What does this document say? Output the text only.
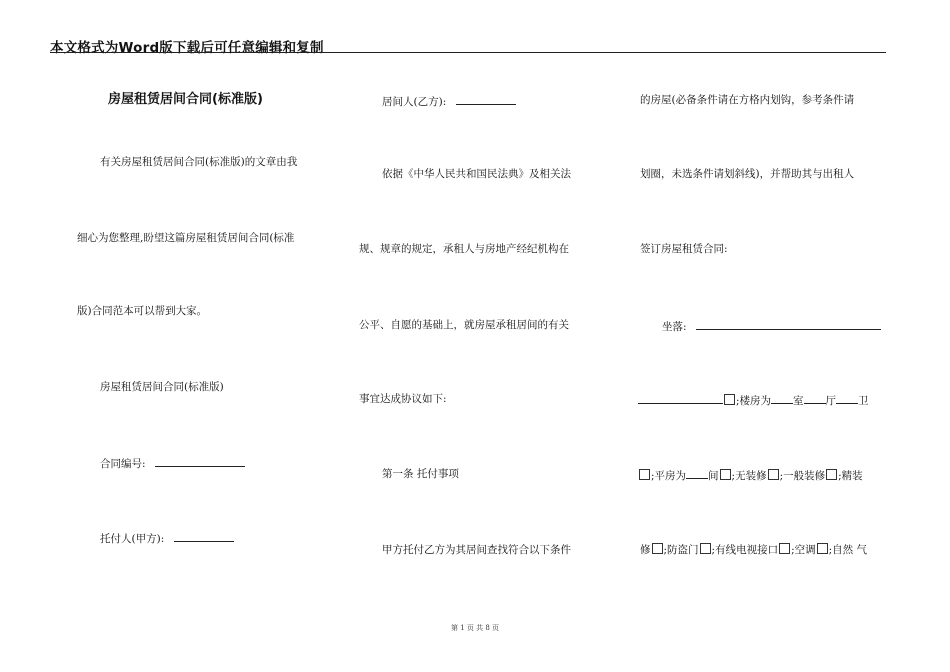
本文格式为Word版下载后可任意编辑和复制
房屋租赁居间合同(标准版)
有关房屋租赁居间合同(标准版)的文章由我
细心为您整理,盼望这篇房屋租赁居间合同(标准
版)合同范本可以帮到大家。
房屋租赁居间合同(标准版)
合同编号:
托付人(甲方):
居间人(乙方):
依据《中华人民共和国民法典》及相关法
规、规章的规定，承租人与房地产经纪机构在
公平、自愿的基础上，就房屋承租居间的有关
事宜达成协议如下:
第一条 托付事项
甲方托付乙方为其居间查找符合以下条件
的房屋(必备条件请在方格内划钩，参考条件请
划圈，未选条件请划斜线)，并帮助其与出租人
签订房屋租赁合同:
坐落:
;楼房为 室 厅 卫
;平房为 间 ;无装修 ;一般装修 ;精装
修 ;防盗门 ;有线电视接口 ;空调 ;自然 气
第 1 页 共 8 页
